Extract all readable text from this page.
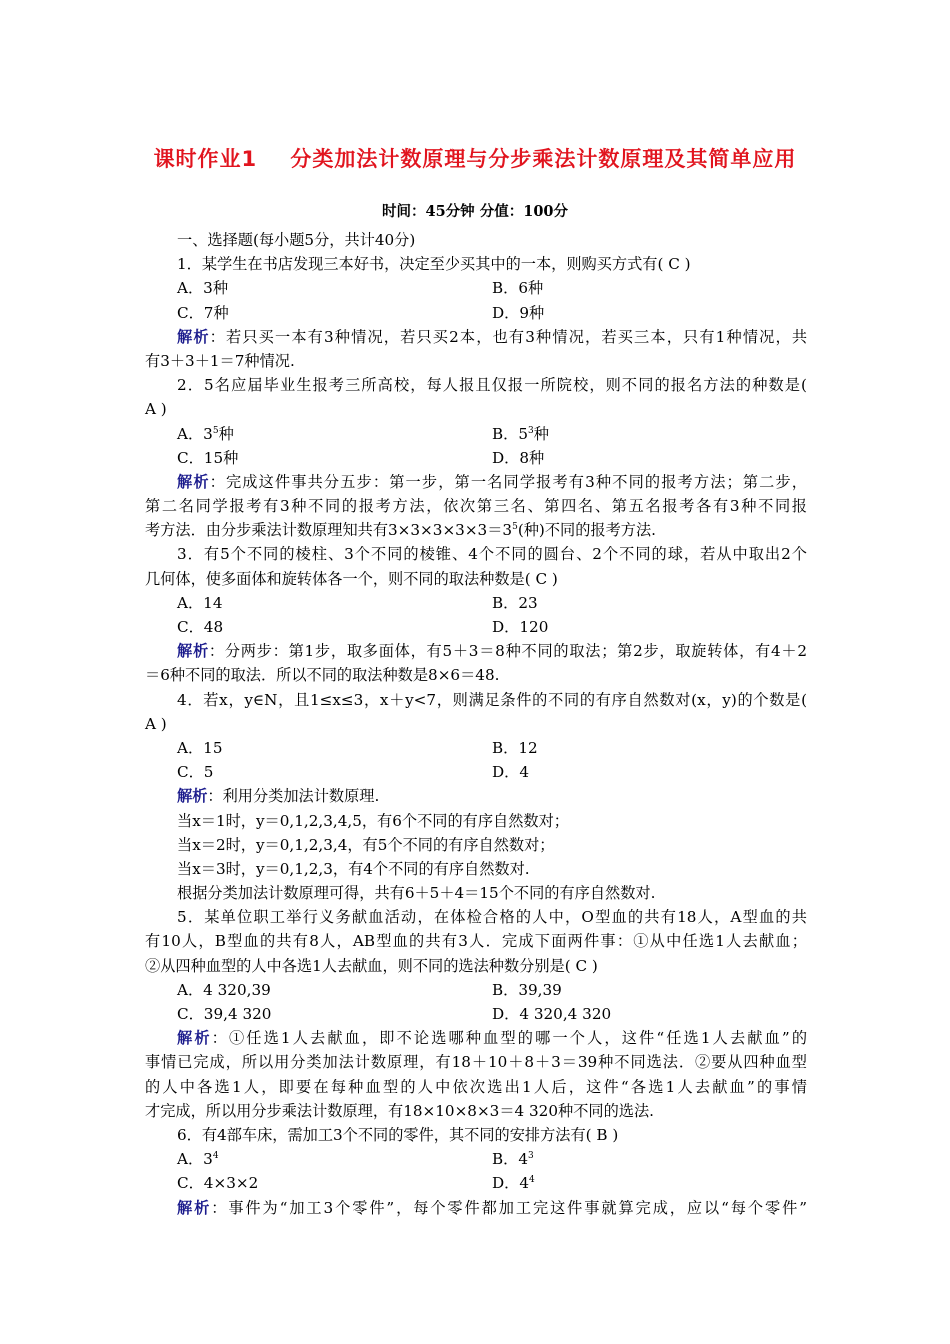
课时作业1    分类加法计数原理与分步乘法计数原理及其简单应用
时间：45分钟 分值：100分
一、选择题(每小题5分，共计40分)
1．某学生在书店发现三本好书，决定至少买其中的一本，则购买方式有( C )
A．3种	B．6种
C．7种	D．9种
解析：若只买一本有3种情况，若只买2本，也有3种情况，若买三本，只有1种情况，共
有3＋3＋1＝7种情况.
2．5名应届毕业生报考三所高校，每人报且仅报一所院校，则不同的报名方法的种数是(
A )
A．$3^5$种	B．$5^3$种
C．15种	D．8种
解析：完成这件事共分五步：第一步，第一名同学报考有3种不同的报考方法；第二步，
第二名同学报考有3种不同的报考方法，依次第三名、第四名、第五名报考各有3种不同报
考方法．由分步乘法计数原理知共有$3\times 3\times 3\times 3\times 3=3^5$(种)不同的报考方法.
3．有5个不同的棱柱、3个不同的棱锥、4个不同的圆台、2个不同的球，若从中取出2个
几何体，使多面体和旋转体各一个，则不同的取法种数是( C )
A．14	B．23
C．48	D．120
解析：分两步：第1步，取多面体，有5＋3＝8种不同的取法；第2步，取旋转体，有4＋2
＝6种不同的取法．所以不同的取法种数是8×6＝48.
4．若x，y∈N，且1≤x≤3，x＋y<7，则满足条件的不同的有序自然数对(x，y)的个数是(
A )
A．15	B．12
C．5	D．4
解析：利用分类加法计数原理.
当x＝1时，y＝0,1,2,3,4,5，有6个不同的有序自然数对；
当x＝2时，y＝0,1,2,3,4，有5个不同的有序自然数对；
当x＝3时，y＝0,1,2,3，有4个不同的有序自然数对.
根据分类加法计数原理可得，共有6＋5＋4＝15个不同的有序自然数对.
5．某单位职工举行义务献血活动，在体检合格的人中，O型血的共有18人，A型血的共
有10人，B型血的共有8人，AB型血的共有3人．完成下面两件事：①从中任选1人去献血；
②从四种血型的人中各选1人去献血，则不同的选法种数分别是( C )
A．4 320,39	B．39,39
C．39,4 320	D．4 320,4 320
解析：①任选1人去献血，即不论选哪种血型的哪一个人，这件“任选1人去献血”的
事情已完成，所以用分类加法计数原理，有18＋10＋8＋3＝39种不同选法．②要从四种血型
的人中各选1人，即要在每种血型的人中依次选出1人后，这件“各选1人去献血”的事情
才完成，所以用分步乘法计数原理，有18×10×8×3＝4 320种不同的选法.
6．有4部车床，需加工3个不同的零件，其不同的安排方法有( B )
A．$3^4$	B．$4^3$
C．4×3×2	D．$4^4$
解析：事件为“加工3个零件”，每个零件都加工完这件事就算完成，应以“每个零件”
